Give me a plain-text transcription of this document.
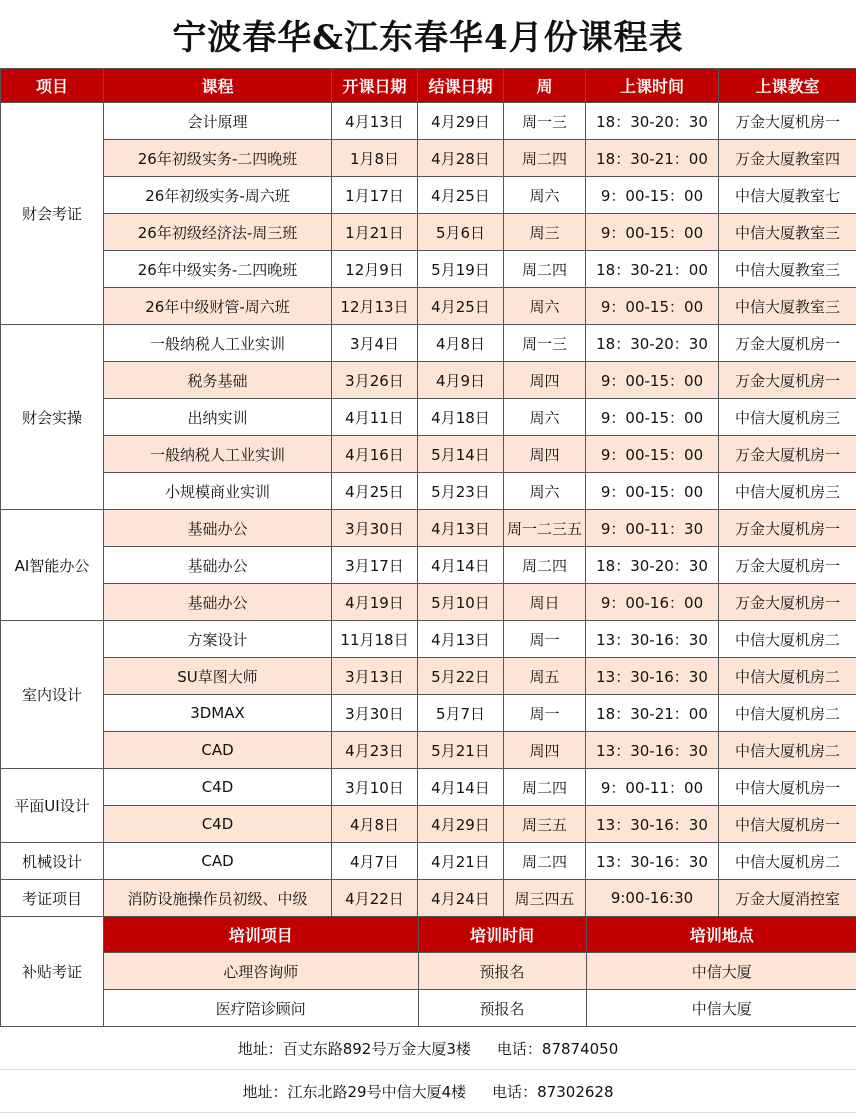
宁波春华&江东春华4月份课程表
项目	课程	开课日期	结课日期	周	上课时间	上课教室
财会考证	会计原理	4月13日	4月29日	周一三	18：30-20：30	万金大厦机房一
26年初级实务-二四晚班	1月8日	4月28日	周二四	18：30-21：00	万金大厦教室四
26年初级实务-周六班	1月17日	4月25日	周六	9：00-15：00	中信大厦教室七
26年初级经济法-周三班	1月21日	5月6日	周三	9：00-15：00	中信大厦教室三
26年中级实务-二四晚班	12月9日	5月19日	周二四	18：30-21：00	中信大厦教室三
26年中级财管-周六班	12月13日	4月25日	周六	9：00-15：00	中信大厦教室三
财会实操	一般纳税人工业实训	3月4日	4月8日	周一三	18：30-20：30	万金大厦机房一
税务基础	3月26日	4月9日	周四	9：00-15：00	万金大厦机房一
出纳实训	4月11日	4月18日	周六	9：00-15：00	中信大厦机房三
一般纳税人工业实训	4月16日	5月14日	周四	9：00-15：00	万金大厦机房一
小规模商业实训	4月25日	5月23日	周六	9：00-15：00	中信大厦机房三
AI智能办公	基础办公	3月30日	4月13日	周一二三五	9：00-11：30	万金大厦机房一
基础办公	3月17日	4月14日	周二四	18：30-20：30	万金大厦机房一
基础办公	4月19日	5月10日	周日	9：00-16：00	万金大厦机房一
室内设计	方案设计	11月18日	4月13日	周一	13：30-16：30	中信大厦机房二
SU草图大师	3月13日	5月22日	周五	13：30-16：30	中信大厦机房二
3DMAX	3月30日	5月7日	周一	18：30-21：00	中信大厦机房二
CAD	4月23日	5月21日	周四	13：30-16：30	中信大厦机房二
平面UI设计	C4D	3月10日	4月14日	周二四	9：00-11：00	中信大厦机房一
C4D	4月8日	4月29日	周三五	13：30-16：30	中信大厦机房一
机械设计	CAD	4月7日	4月21日	周二四	13：30-16：30	中信大厦机房二
考证项目	消防设施操作员初级、中级	4月22日	4月24日	周三四五	9:00-16:30	万金大厦消控室
补贴考证	
培训项目	培训时间	培训地点
心理咨询师	预报名	中信大厦
医疗陪诊顾问	预报名	中信大厦
地址：百丈东路892号万金大厦3楼 电话：87874050
地址：江东北路29号中信大厦4楼 电话：87302628
